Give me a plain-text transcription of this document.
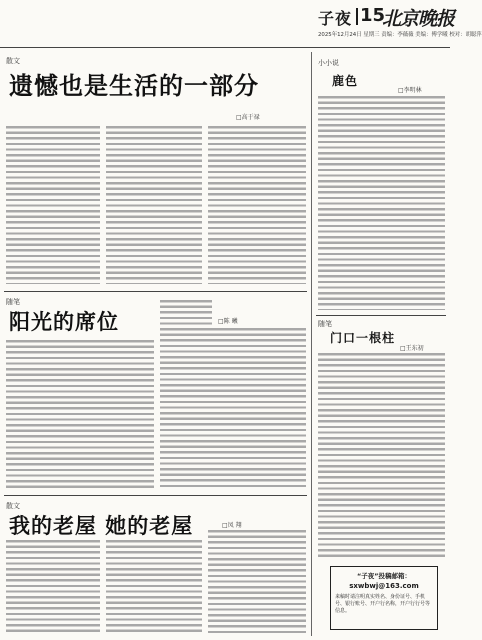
子夜 15
北京晚报
2025年12月24日 星期三 责编：李薇薇 美编：傅学曦 校对：胡聪萍
散文
遗憾也是生活的一部分
□高于禄
随笔
阳光的席位	□陈 曦
散文
我的老屋 她的老屋	□凤 翔
小小说
鹿色
□李明林
随笔
门口一根柱
□王东初
“子夜”投稿邮箱：
sxwbwj@163.com
来稿时请注明真实姓名、身份证号、手机号、银行账号、开户行名称，开户行行号等信息。
